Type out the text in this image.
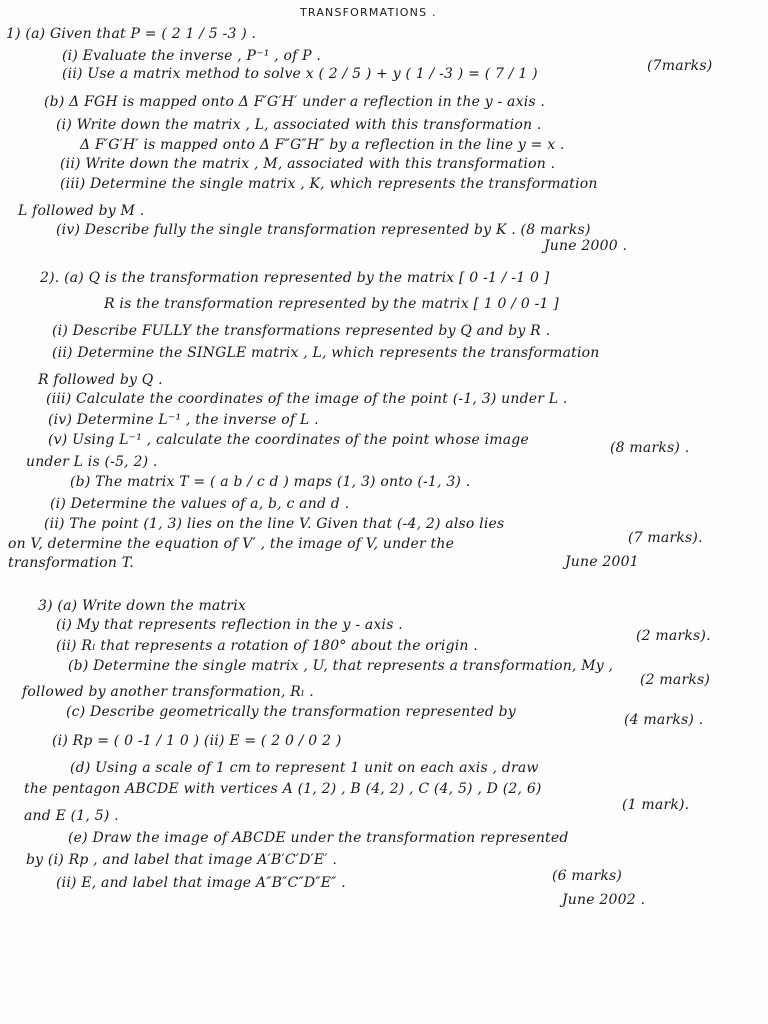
TRANSFORMATIONS .
1) (a) Given that P = ( 2 1 / 5 -3 ) .
(i) Evaluate the inverse , P⁻¹ , of P .
(ii) Use a matrix method to solve x ( 2 / 5 ) + y ( 1 / -3 ) = ( 7 / 1 )	(7marks)
(b) Δ FGH is mapped onto Δ F′G′H′ under a reflection in the y - axis .
(i) Write down the matrix , L, associated with this transformation .
Δ F′G′H′ is mapped onto Δ F″G″H″ by a reflection in the line y = x .
(ii) Write down the matrix , M, associated with this transformation .
(iii) Determine the single matrix , K, which represents the transformation
L followed by M .
(iv) Describe fully the single transformation represented by K . (8 marks)
June 2000 .
2). (a) Q is the transformation represented by the matrix [ 0 -1 / -1 0 ]
R is the transformation represented by the matrix [ 1 0 / 0 -1 ]
(i) Describe FULLY the transformations represented by Q and by R .
(ii) Determine the SINGLE matrix , L, which represents the transformation
R followed by Q .
(iii) Calculate the coordinates of the image of the point (-1, 3) under L .
(iv) Determine L⁻¹ , the inverse of L .
(v) Using L⁻¹ , calculate the coordinates of the point whose image
under L is (-5, 2) .
(8 marks) .
(b) The matrix T = ( a b / c d ) maps (1, 3) onto (-1, 3) .
(i) Determine the values of a, b, c and d .
(ii) The point (1, 3) lies on the line V. Given that (-4, 2) also lies
on V, determine the equation of V′ , the image of V, under the	(7 marks).
transformation T.	June 2001
3) (a) Write down the matrix
(i) My that represents reflection in the y - axis .
(ii) Rₗ that represents a rotation of 180° about the origin .
(2 marks).
(b) Determine the single matrix , U, that represents a transformation, My ,
(2 marks)
followed by another transformation, Rₗ .
(c) Describe geometrically the transformation represented by	(4 marks) .
(i) Rp = ( 0 -1 / 1 0 ) (ii) E = ( 2 0 / 0 2 )
(d) Using a scale of 1 cm to represent 1 unit on each axis , draw
the pentagon ABCDE with vertices A (1, 2) , B (4, 2) , C (4, 5) , D (2, 6)
(1 mark).
and E (1, 5) .
(e) Draw the image of ABCDE under the transformation represented
by (i) Rp , and label that image A′B′C′D′E′ .
(6 marks)
(ii) E, and label that image A″B″C″D″E″ .
June 2002 .
